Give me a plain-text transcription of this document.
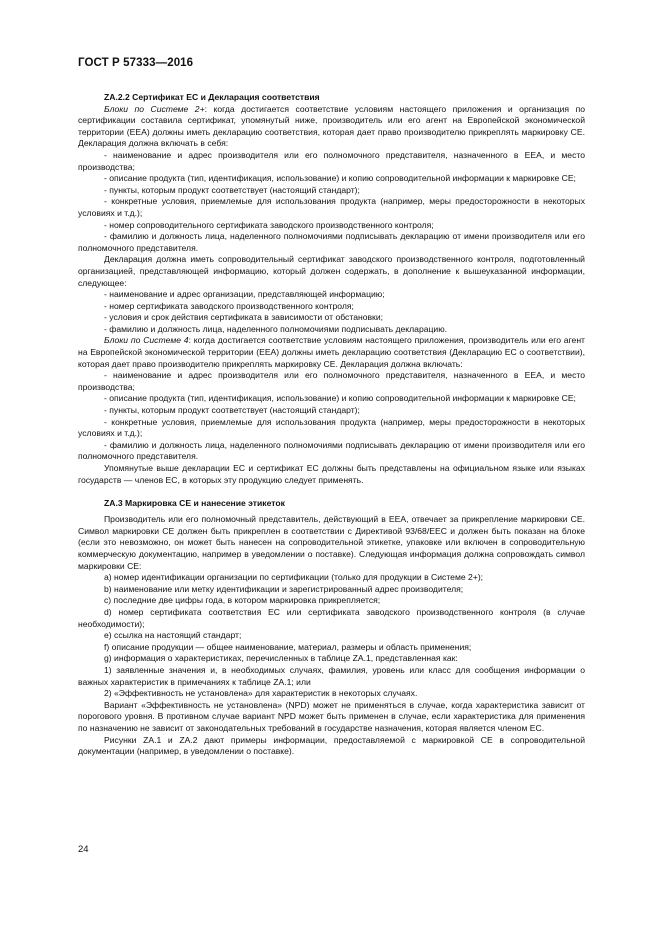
ГОСТ Р 57333—2016
ZA.2.2 Сертификат ЕС и Декларация соответствия

Блоки по Системе 2+: когда достигается соответствие условиям настоящего приложения и организация по сертификации составила сертификат, упомянутый ниже, производитель или его агент на Европейской экономической территории (ЕЕА) должны иметь декларацию соответствия, которая дает право производителю прикреплять маркировку СЕ. Декларация должна включать в себя:

- наименование и адрес производителя или его полномочного представителя, назначенного в ЕЕА, и место производства;

- описание продукта (тип, идентификация, использование) и копию сопроводительной информации к маркировке СЕ;

- пункты, которым продукт соответствует (настоящий стандарт);

- конкретные условия, приемлемые для использования продукта (например, меры предосторожности в некоторых условиях и т.д.);

- номер сопроводительного сертификата заводского производственного контроля;

- фамилию и должность лица, наделенного полномочиями подписывать декларацию от имени производителя или его полномочного представителя.

Декларация должна иметь сопроводительный сертификат заводского производственного контроля, подготовленный организацией, представляющей информацию, который должен содержать, в дополнение к вышеуказанной информации, следующее:

- наименование и адрес организации, представляющей информацию;

- номер сертификата заводского производственного контроля;

- условия и срок действия сертификата в зависимости от обстановки;

- фамилию и должность лица, наделенного полномочиями подписывать декларацию.

Блоки по Системе 4: когда достигается соответствие условиям настоящего приложения, производитель или его агент на Европейской экономической территории (ЕЕА) должны иметь декларацию соответствия (Декларацию ЕС о соответствии), которая дает право производителю прикреплять маркировку СЕ. Декларация должна включать:

- наименование и адрес производителя или его полномочного представителя, назначенного в ЕЕА, и место производства;

- описание продукта (тип, идентификация, использование) и копию сопроводительной информации к маркировке СЕ;

- пункты, которым продукт соответствует (настоящий стандарт);

- конкретные условия, приемлемые для использования продукта (например, меры предосторожности в некоторых условиях и т.д.);

- фамилию и должность лица, наделенного полномочиями подписывать декларацию от имени производителя или его полномочного представителя.

Упомянутые выше декларации ЕС и сертификат ЕС должны быть представлены на официальном языке или языках государств — членов ЕС, в которых эту продукцию следует применять.

ZA.3 Маркировка СЕ и нанесение этикеток

Производитель или его полномочный представитель, действующий в ЕЕА, отвечает за прикрепление маркировки СЕ. Символ маркировки СЕ должен быть прикреплен в соответствии с Директивой 93/68/ЕЕС и должен быть показан на блоке (если это невозможно, он может быть нанесен на сопроводительной этикетке, упаковке или включен в сопроводительную коммерческую документацию, например в уведомлении о поставке). Следующая информация должна сопровождать символ маркировки СЕ:

а) номер идентификации организации по сертификации (только для продукции в Системе 2+);

b) наименование или метку идентификации и зарегистрированный адрес производителя;

c) последние две цифры года, в котором маркировка прикрепляется;

d) номер сертификата соответствия ЕС или сертификата заводского производственного контроля (в случае необходимости);

e) ссылка на настоящий стандарт;

f) описание продукции — общее наименование, материал, размеры и область применения;

g) информация о характеристиках, перечисленных в таблице ZA.1, представленная как:

1) заявленные значения и, в необходимых случаях, фамилия, уровень или класс для сообщения информации о важных характеристик в примечаниях к таблице ZA.1; или

2) «Эффективность не установлена» для характеристик в некоторых случаях.

Вариант «Эффективность не установлена» (NPD) может не применяться в случае, когда характеристика зависит от порогового уровня. В противном случае вариант NPD может быть применен в случае, если характеристика для применения по назначению не зависит от законодательных требований в государстве назначения, которая является членом ЕС.

Рисунки ZA.1 и ZA.2 дают примеры информации, предоставляемой с маркировкой СЕ в сопроводительной документации (например, в уведомлении о поставке).

24
